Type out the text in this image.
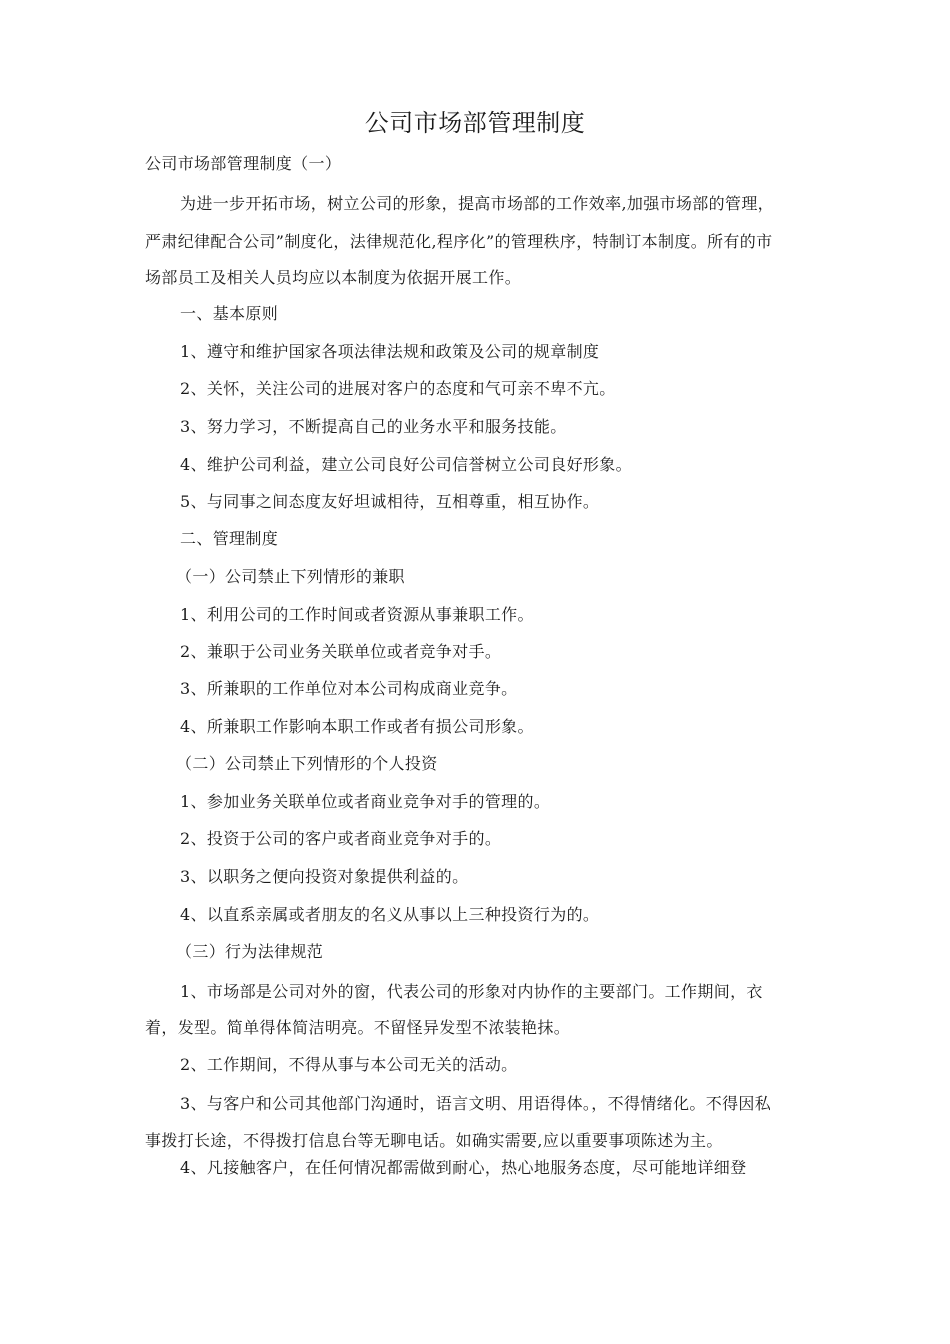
公司市场部管理制度
公司市场部管理制度（一）
为进一步开拓市场，树立公司的形象，提高市场部的工作效率,加强市场部的管理，
严肃纪律配合公司”制度化，法律规范化,程序化”的管理秩序，特制订本制度。所有的市
场部员工及相关人员均应以本制度为依据开展工作。
一、基本原则
1、遵守和维护国家各项法律法规和政策及公司的规章制度
2、关怀，关注公司的进展对客户的态度和气可亲不卑不亢。
3、努力学习，不断提高自己的业务水平和服务技能。
4、维护公司利益，建立公司良好公司信誉树立公司良好形象。
5、与同事之间态度友好坦诚相待，互相尊重，相互协作。
二、管理制度
（一）公司禁止下列情形的兼职
1、利用公司的工作时间或者资源从事兼职工作。
2、兼职于公司业务关联单位或者竞争对手。
3、所兼职的工作单位对本公司构成商业竞争。
4、所兼职工作影响本职工作或者有损公司形象。
（二）公司禁止下列情形的个人投资
1、参加业务关联单位或者商业竞争对手的管理的。
2、投资于公司的客户或者商业竞争对手的。
3、以职务之便向投资对象提供利益的。
4、以直系亲属或者朋友的名义从事以上三种投资行为的。
（三）行为法律规范
1、市场部是公司对外的窗，代表公司的形象对内协作的主要部门。工作期间，衣
着，发型。简单得体简洁明亮。不留怪异发型不浓装艳抹。
2、工作期间，不得从事与本公司无关的活动。
3、与客户和公司其他部门沟通时，语言文明、用语得体。，不得情绪化。不得因私
事拨打长途，不得拨打信息台等无聊电话。如确实需要,应以重要事项陈述为主。
4、凡接触客户，在任何情况都需做到耐心，热心地服务态度，尽可能地详细登
